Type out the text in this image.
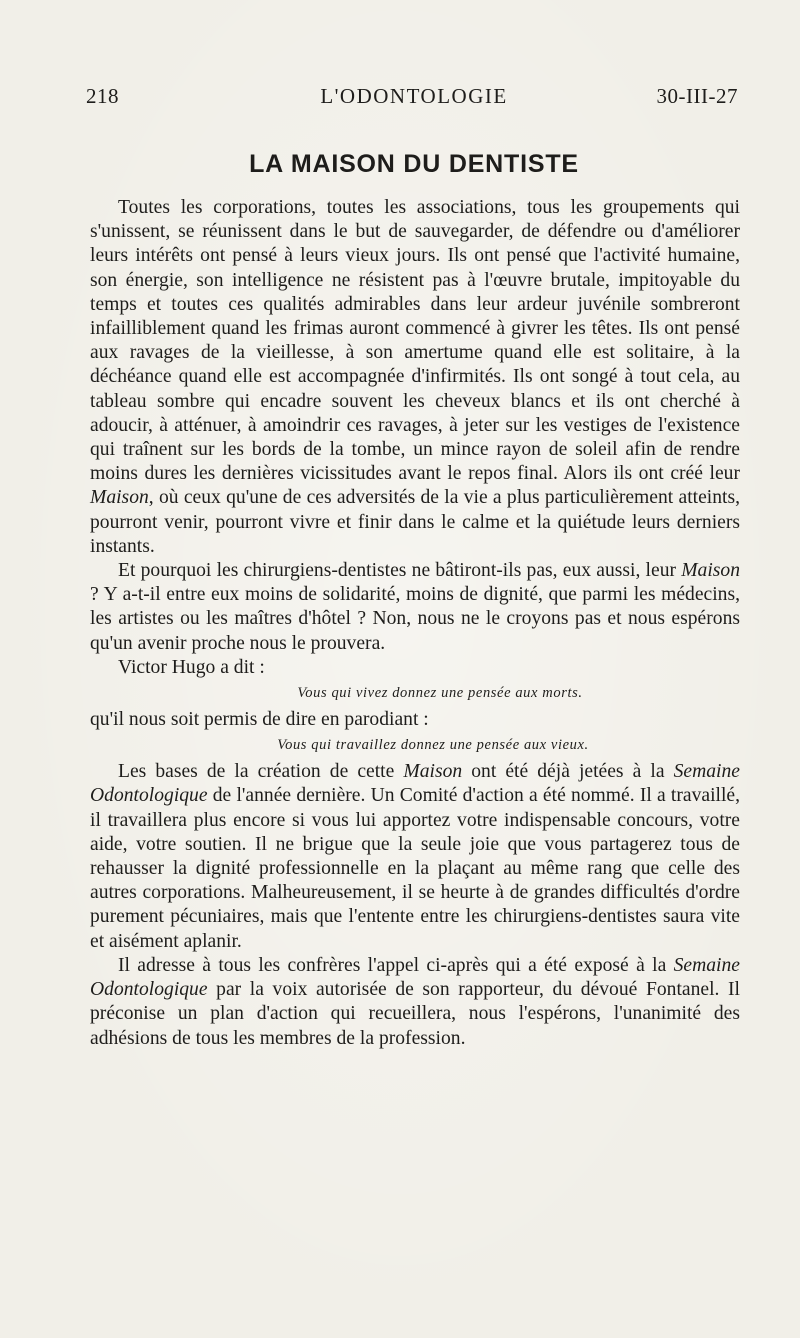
218	L'ODONTOLOGIE	30-III-27
LA MAISON DU DENTISTE

Toutes les corporations, toutes les associations, tous les groupements qui s'unissent, se réunissent dans le but de sauvegarder, de défendre ou d'améliorer leurs intérêts ont pensé à leurs vieux jours. Ils ont pensé que l'activité humaine, son énergie, son intelligence ne résistent pas à l'œuvre brutale, impitoyable du temps et toutes ces qualités admirables dans leur ardeur juvénile sombreront infailliblement quand les frimas auront commencé à givrer les têtes. Ils ont pensé aux ravages de la vieillesse, à son amertume quand elle est solitaire, à la déchéance quand elle est accompagnée d'infirmités. Ils ont songé à tout cela, au tableau sombre qui encadre souvent les cheveux blancs et ils ont cherché à adoucir, à atténuer, à amoindrir ces ravages, à jeter sur les vestiges de l'existence qui traînent sur les bords de la tombe, un mince rayon de soleil afin de rendre moins dures les dernières vicissitudes avant le repos final. Alors ils ont créé leur Maison, où ceux qu'une de ces adversités de la vie a plus particulièrement atteints, pourront venir, pourront vivre et finir dans le calme et la quiétude leurs derniers instants.

Et pourquoi les chirurgiens-dentistes ne bâtiront-ils pas, eux aussi, leur Maison ? Y a-t-il entre eux moins de solidarité, moins de dignité, que parmi les médecins, les artistes ou les maîtres d'hôtel ? Non, nous ne le croyons pas et nous espérons qu'un avenir proche nous le prouvera.

Victor Hugo a dit :

Vous qui vivez donnez une pensée aux morts.

qu'il nous soit permis de dire en parodiant :

Vous qui travaillez donnez une pensée aux vieux.

Les bases de la création de cette Maison ont été déjà jetées à la Semaine Odontologique de l'année dernière. Un Comité d'action a été nommé. Il a travaillé, il travaillera plus encore si vous lui apportez votre indispensable concours, votre aide, votre soutien. Il ne brigue que la seule joie que vous partagerez tous de rehausser la dignité professionnelle en la plaçant au même rang que celle des autres corporations. Malheureusement, il se heurte à de grandes difficultés d'ordre purement pécuniaires, mais que l'entente entre les chirurgiens-dentistes saura vite et aisément aplanir.

Il adresse à tous les confrères l'appel ci-après qui a été exposé à la Semaine Odontologique par la voix autorisée de son rapporteur, du dévoué Fontanel. Il préconise un plan d'action qui recueillera, nous l'espérons, l'unanimité des adhésions de tous les membres de la profession.
